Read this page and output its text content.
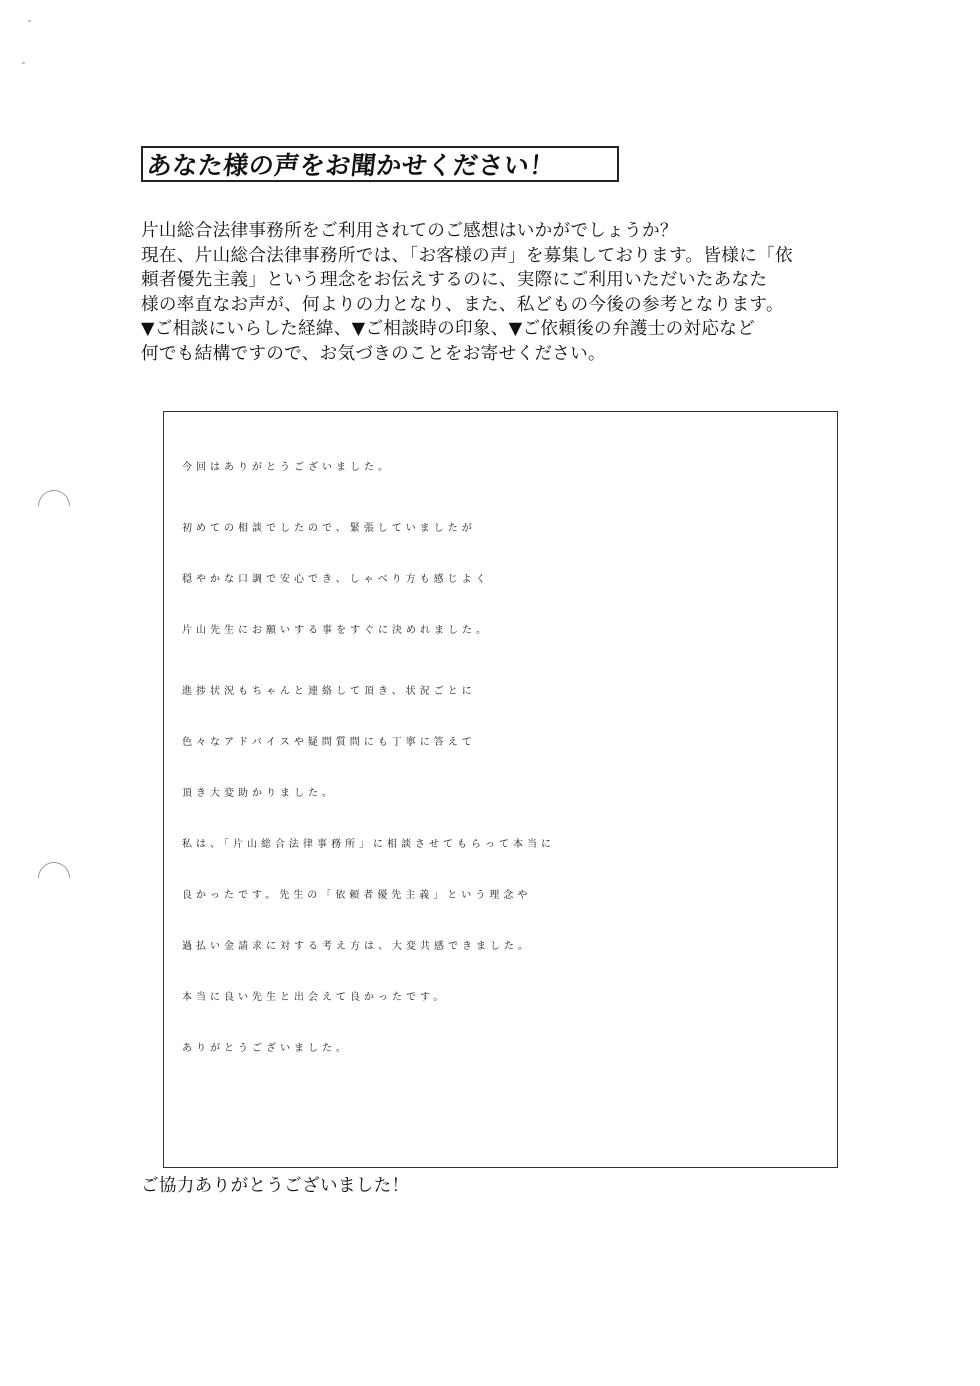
あなた様の声をお聞かせください！

片山総合法律事務所をご利用されてのご感想はいかがでしょうか？

現在、片山総合法律事務所では、「お客様の声」を募集しております。皆様に「依

頼者優先主義」という理念をお伝えするのに、実際にご利用いただいたあなた

様の率直なお声が、何よりの力となり、また、私どもの今後の参考となります。

▼ご相談にいらした経緯、▼ご相談時の印象、▼ご依頼後の弁護士の対応など

何でも結構ですので、お気づきのことをお寄せください。

今回はありがとうございました。

初めての相談でしたので、緊張していましたが

穏やかな口調で安心でき、しゃべり方も感じよく

片山先生にお願いする事をすぐに決めれました。

進捗状況もちゃんと連絡して頂き、状況ごとに

色々なアドバイスや疑問質問にも丁寧に答えて

頂き大変助かりました。

私は、「片山総合法律事務所」に相談させてもらって本当に

良かったです。先生の「依頼者優先主義」という理念や

過払い金請求に対する考え方は、大変共感できました。

本当に良い先生と出会えて良かったです。

ありがとうございました。

ご協力ありがとうございました！
